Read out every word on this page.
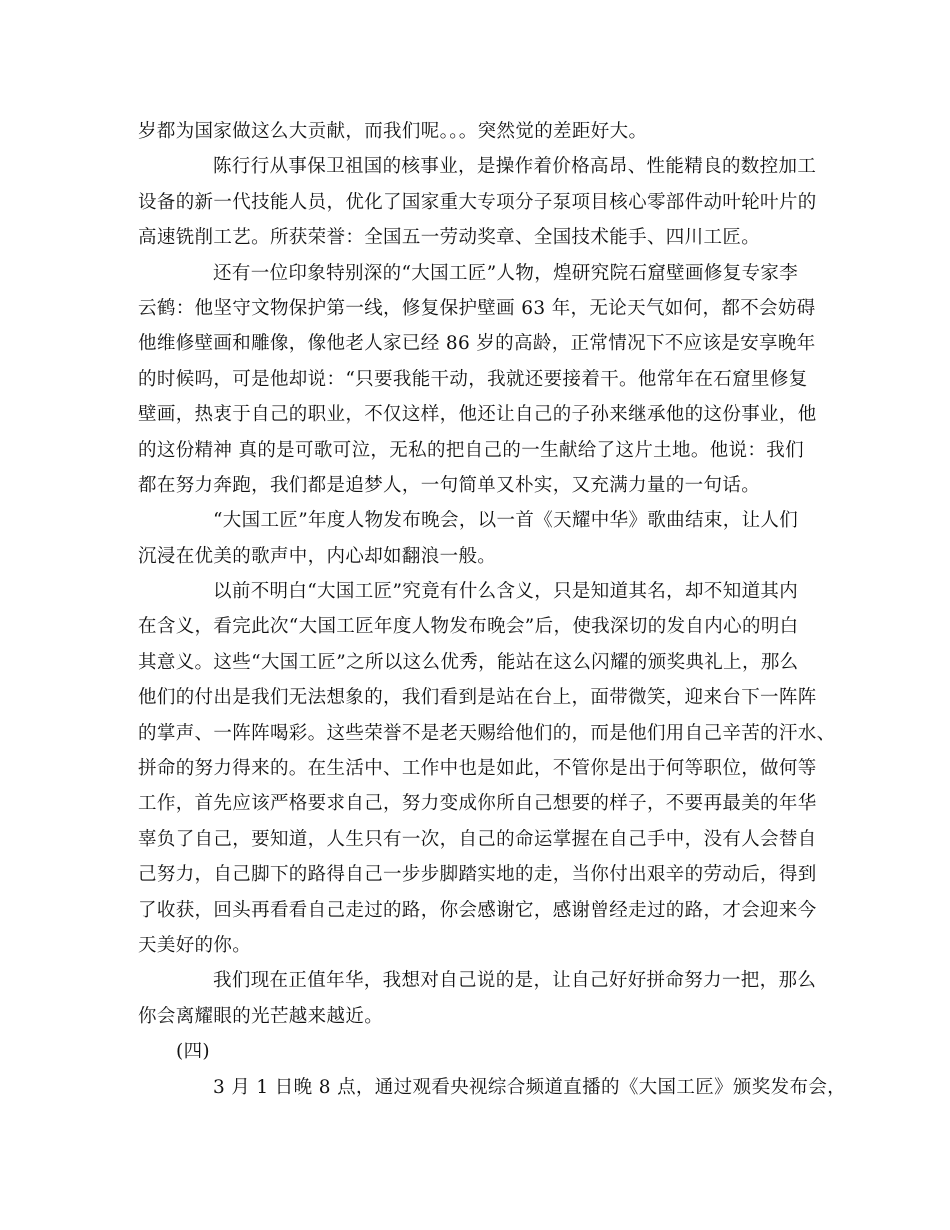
岁都为国家做这么大贡献，而我们呢。。。突然觉的差距好大。
陈行行从事保卫祖国的核事业，是操作着价格高昂、性能精良的数控加工
设备的新一代技能人员，优化了国家重大专项分子泵项目核心零部件动叶轮叶片的
高速铣削工艺。所获荣誉：全国五一劳动奖章、全国技术能手、四川工匠。
还有一位印象特别深的“大国工匠”人物，煌研究院石窟壁画修复专家李
云鹤：他坚守文物保护第一线，修复保护壁画 63 年，无论天气如何，都不会妨碍
他维修壁画和雕像，像他老人家已经 86 岁的高龄，正常情况下不应该是安享晚年
的时候吗，可是他却说：“只要我能干动，我就还要接着干。他常年在石窟里修复
壁画，热衷于自己的职业，不仅这样，他还让自己的子孙来继承他的这份事业，他
的这份精神 真的是可歌可泣，无私的把自己的一生献给了这片土地。他说：我们
都在努力奔跑，我们都是追梦人，一句简单又朴实，又充满力量的一句话。
“大国工匠”年度人物发布晚会，以一首《天耀中华》歌曲结束，让人们
沉浸在优美的歌声中，内心却如翻浪一般。
以前不明白“大国工匠”究竟有什么含义，只是知道其名，却不知道其内
在含义，看完此次“大国工匠年度人物发布晚会”后，使我深切的发自内心的明白
其意义。这些“大国工匠”之所以这么优秀，能站在这么闪耀的颁奖典礼上，那么
他们的付出是我们无法想象的，我们看到是站在台上，面带微笑，迎来台下一阵阵
的掌声、一阵阵喝彩。这些荣誉不是老天赐给他们的，而是他们用自己辛苦的汗水、
拼命的努力得来的。在生活中、工作中也是如此，不管你是出于何等职位，做何等
工作，首先应该严格要求自己，努力变成你所自己想要的样子，不要再最美的年华
辜负了自己，要知道，人生只有一次，自己的命运掌握在自己手中，没有人会替自
己努力，自己脚下的路得自己一步步脚踏实地的走，当你付出艰辛的劳动后，得到
了收获，回头再看看自己走过的路，你会感谢它，感谢曾经走过的路，才会迎来今
天美好的你。
我们现在正值年华，我想对自己说的是，让自己好好拼命努力一把，那么
你会离耀眼的光芒越来越近。
(四)
3 月 1 日晚 8 点，通过观看央视综合频道直播的《大国工匠》颁奖发布会，
